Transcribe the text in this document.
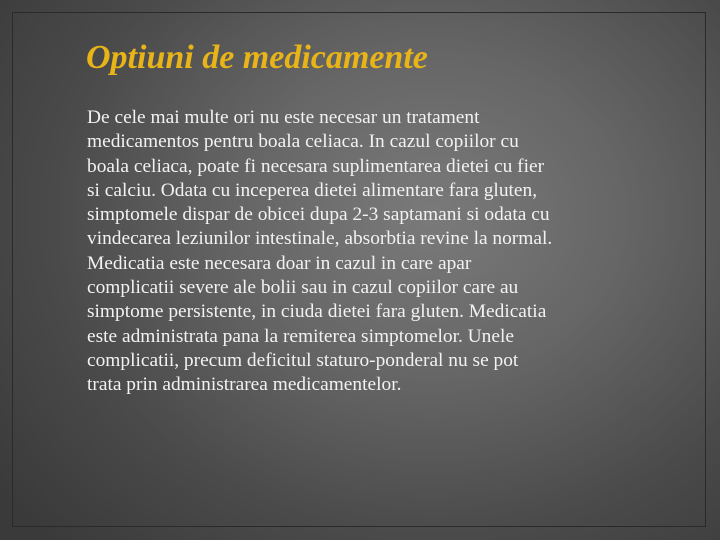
Optiuni de medicamente

De cele mai multe ori nu este necesar un tratament
medicamentos pentru boala celiaca. In cazul copiilor cu
boala celiaca, poate fi necesara suplimentarea dietei cu fier
si calciu. Odata cu inceperea dietei alimentare fara gluten,
simptomele dispar de obicei dupa 2-3 saptamani si odata cu
vindecarea leziunilor intestinale, absorbtia revine la normal.
Medicatia este necesara doar in cazul in care apar
complicatii severe ale bolii sau in cazul copiilor care au
simptome persistente, in ciuda dietei fara gluten. Medicatia
este administrata pana la remiterea simptomelor. Unele
complicatii, precum deficitul staturo-ponderal nu se pot
trata prin administrarea medicamentelor.
